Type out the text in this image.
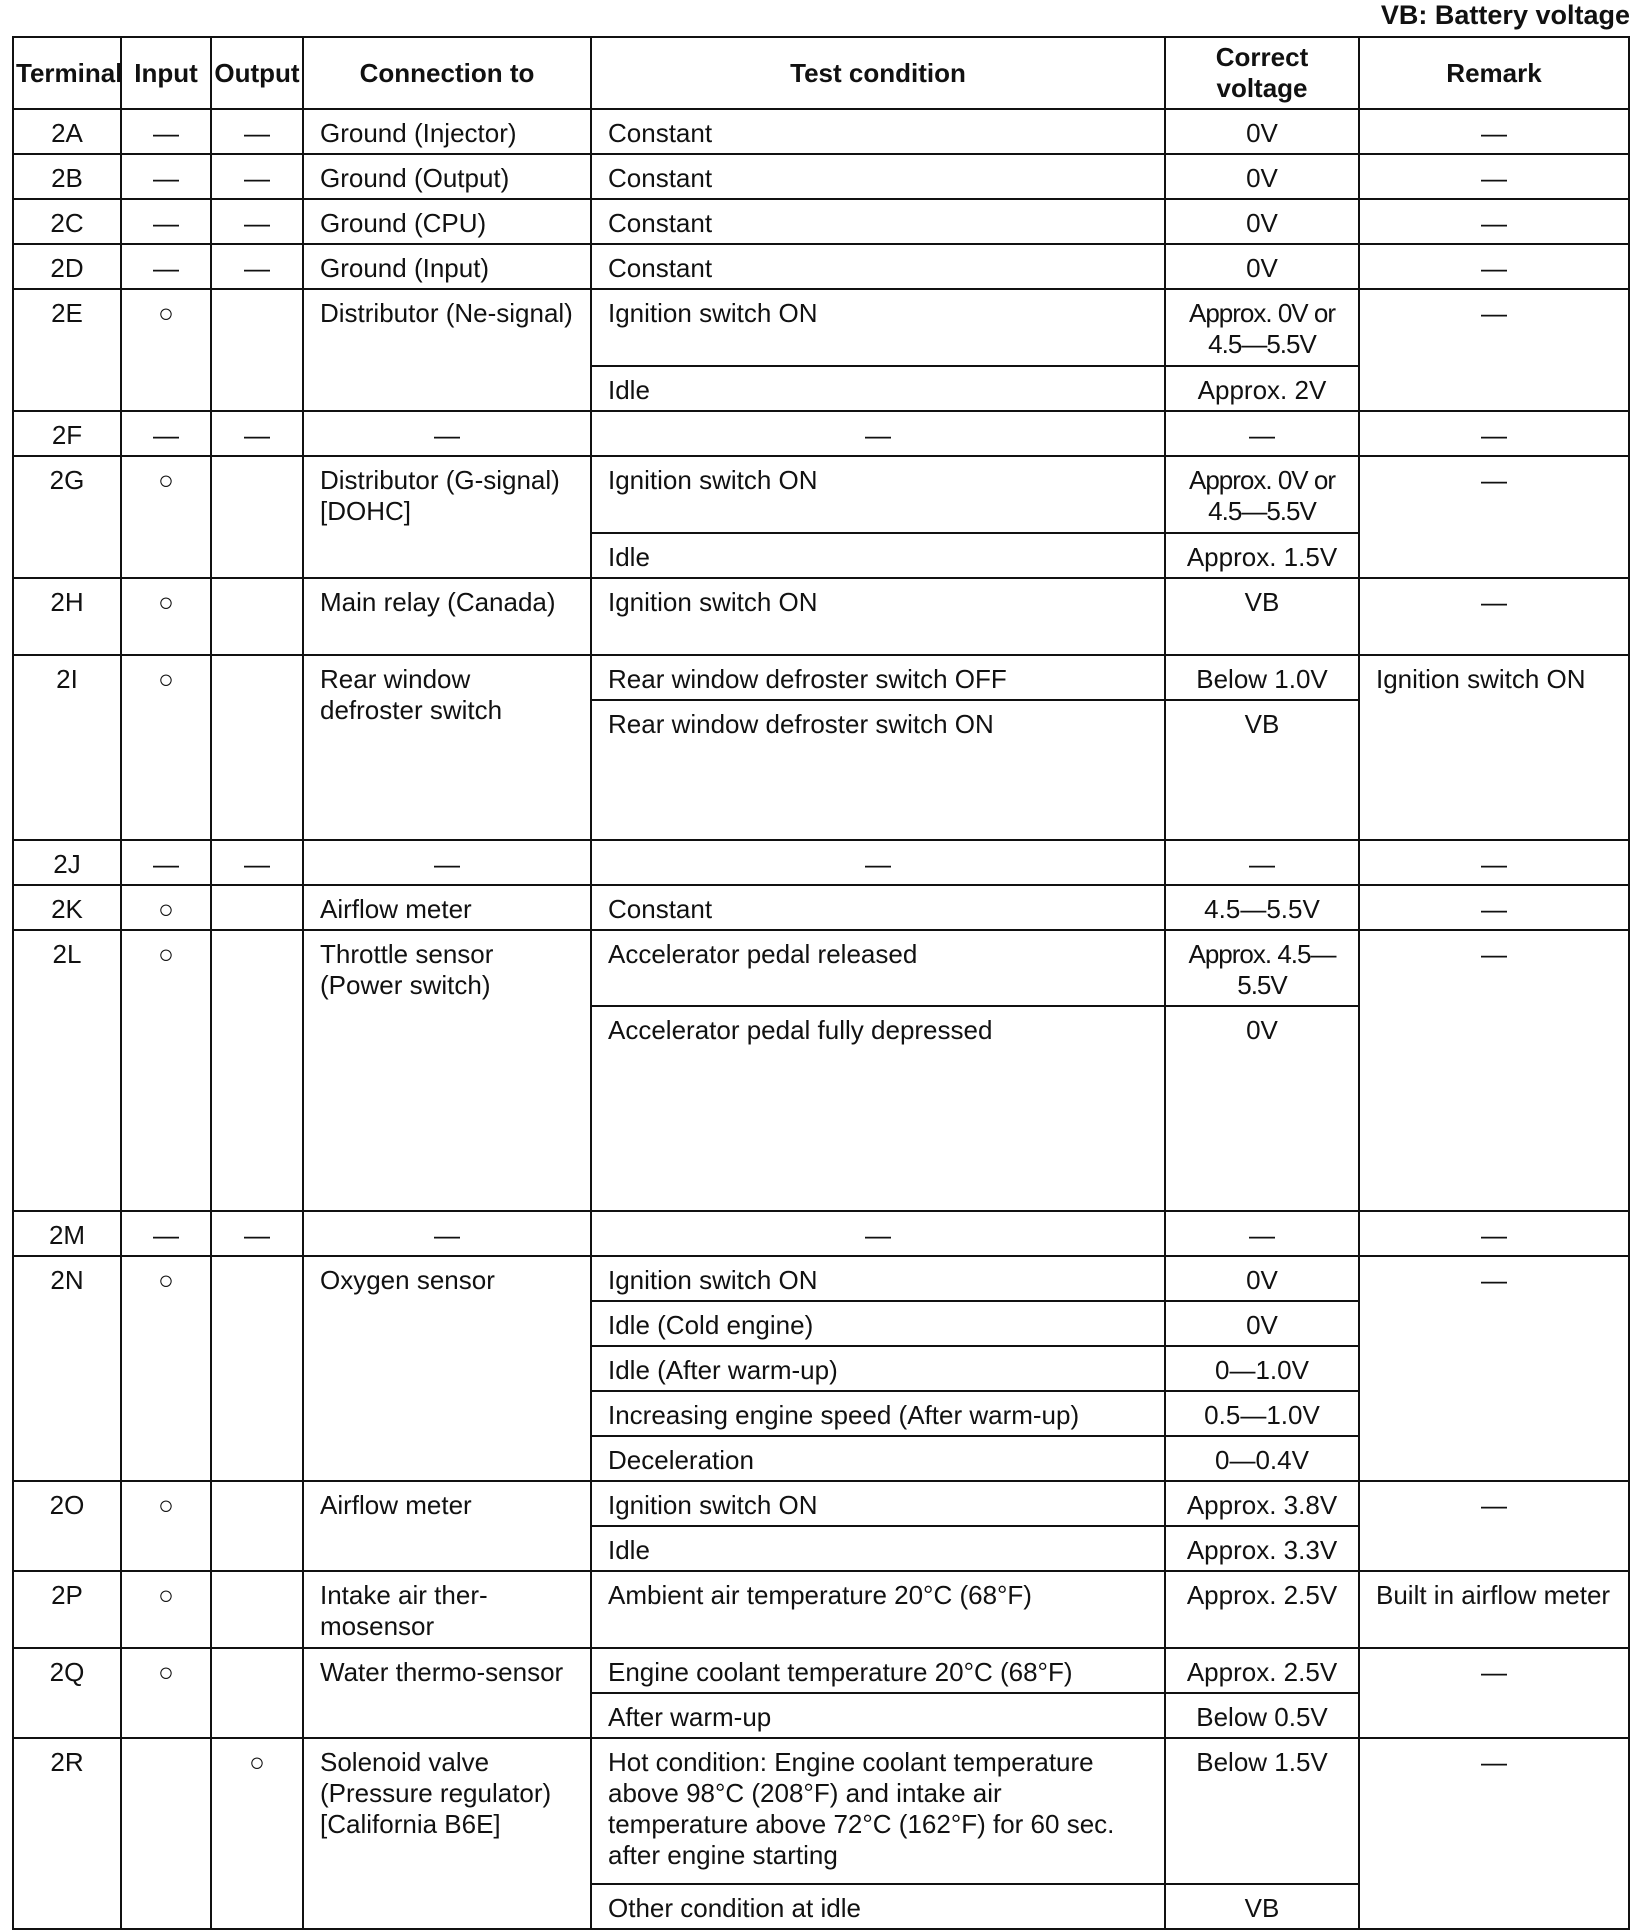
VB: Battery voltage
Terminal	Input	Output	Connection to	Test condition	Correct voltage	Remark
2A	—	—	Ground (Injector)	Constant	0V	—
2B	—	—	Ground (Output)	Constant	0V	—
2C	—	—	Ground (CPU)	Constant	0V	—
2D	—	—	Ground (Input)	Constant	0V	—
2E	○		Distributor (Ne-signal)	Ignition switch ON	Approx. 0V or 4.5—5.5V	—
				Idle	Approx. 2V	
2F	—	—	—	—	—	—
2G	○		Distributor (G-signal) [DOHC]	Ignition switch ON	Approx. 0V or 4.5—5.5V	—
				Idle	Approx. 1.5V	
2H	○		Main relay (Canada)	Ignition switch ON	VB	—
2I	○		Rear window defroster switch	Rear window defroster switch OFF	Below 1.0V	Ignition switch ON
				Rear window defroster switch ON	VB	
2J	—	—	—	—	—	—
2K	○		Airflow meter	Constant	4.5—5.5V	—
2L	○		Throttle sensor (Power switch)	Accelerator pedal released	Approx. 4.5—5.5V	—
				Accelerator pedal fully depressed	0V	
2M	—	—	—	—	—	—
2N	○		Oxygen sensor	Ignition switch ON	0V	—
				Idle (Cold engine)	0V	
				Idle (After warm-up)	0—1.0V	
				Increasing engine speed (After warm-up)	0.5—1.0V	
				Deceleration	0—0.4V	
2O	○		Airflow meter	Ignition switch ON	Approx. 3.8V	—
				Idle	Approx. 3.3V	
2P	○		Intake air ther-mosensor	Ambient air temperature 20°C (68°F)	Approx. 2.5V	Built in airflow meter
2Q	○		Water thermo-sensor	Engine coolant temperature 20°C (68°F)	Approx. 2.5V	—
				After warm-up	Below 0.5V	
2R		○	Solenoid valve (Pressure regulator) [California B6E]	Hot condition: Engine coolant temperature above 98°C (208°F) and intake air temperature above 72°C (162°F) for 60 sec. after engine starting	Below 1.5V	—
				Other condition at idle	VB	
